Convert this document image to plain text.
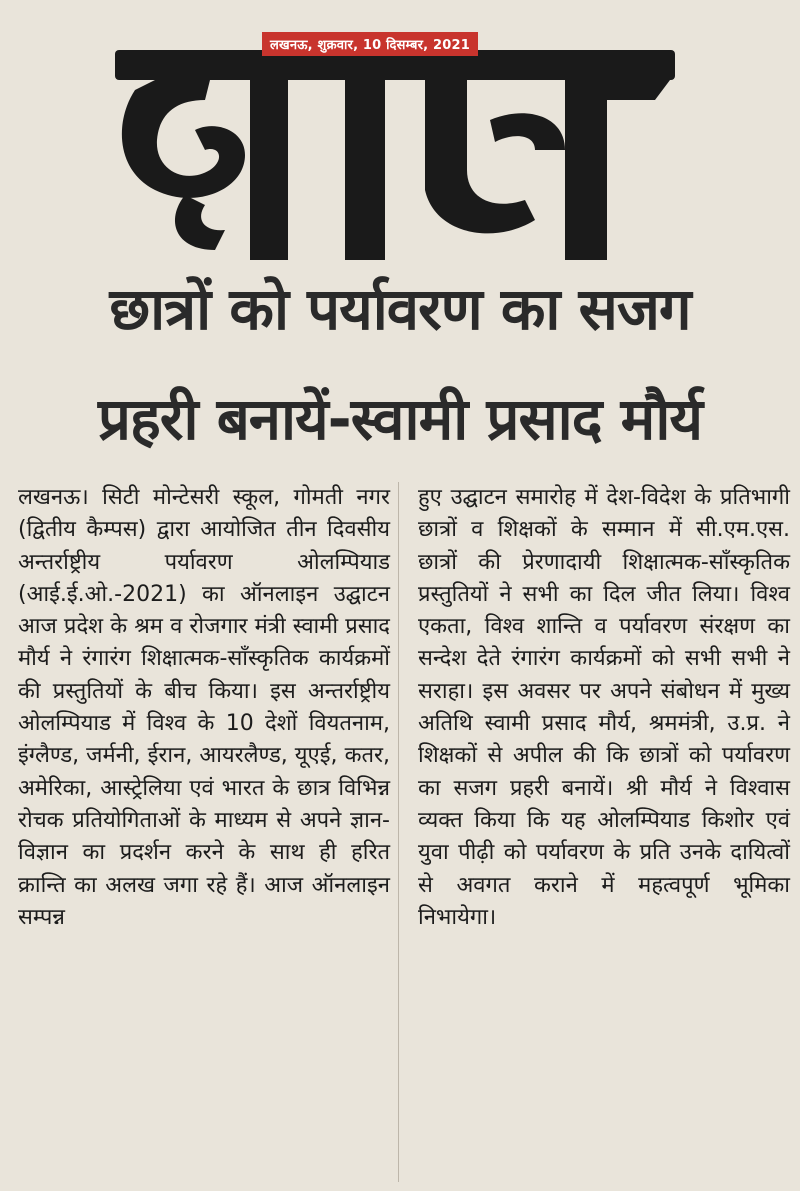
आज
लखनऊ, शुक्रवार, 10 दिसम्बर, 2021
छात्रों को पर्यावरण का सजग
प्रहरी बनायें-स्वामी प्रसाद मौर्य
लखनऊ। सिटी मोन्टेसरी स्कूल, गोमती नगर (द्वितीय कैम्पस) द्वारा आयोजित तीन दिवसीय अन्तर्राष्ट्रीय पर्यावरण ओलम्पियाड (आई.ई.ओ.-2021) का ऑनलाइन उद्घाटन आज प्रदेश के श्रम व रोजगार मंत्री स्वामी प्रसाद मौर्य ने रंगारंग शिक्षात्मक-साँस्कृतिक कार्यक्रमों की प्रस्तुतियों के बीच किया। इस अन्तर्राष्ट्रीय ओलम्पियाड में विश्व के 10 देशों वियतनाम, इंग्लैण्ड, जर्मनी, ईरान, आयरलैण्ड, यूएई, कतर, अमेरिका, आस्ट्रेलिया एवं भारत के छात्र विभिन्न रोचक प्रतियोगिताओं के माध्यम से अपने ज्ञान-विज्ञान का प्रदर्शन करने के साथ ही हरित क्रान्ति का अलख जगा रहे हैं। आज ऑनलाइन सम्पन्न
हुए उद्घाटन समारोह में देश-विदेश के प्रतिभागी छात्रों व शिक्षकों के सम्मान में सी.एम.एस. छात्रों की प्रेरणादायी शिक्षात्मक-साँस्कृतिक प्रस्तुतियों ने सभी का दिल जीत लिया। विश्व एकता, विश्व शान्ति व पर्यावरण संरक्षण का सन्देश देते रंगारंग कार्यक्रमों को सभी सभी ने सराहा। इस अवसर पर अपने संबोधन में मुख्य अतिथि स्वामी प्रसाद मौर्य, श्रममंत्री, उ.प्र. ने शिक्षकों से अपील की कि छात्रों को पर्यावरण का सजग प्रहरी बनायें। श्री मौर्य ने विश्वास व्यक्त किया कि यह ओलम्पियाड किशोर एवं युवा पीढ़ी को पर्यावरण के प्रति उनके दायित्वों से अवगत कराने में महत्वपूर्ण भूमिका निभायेगा।
